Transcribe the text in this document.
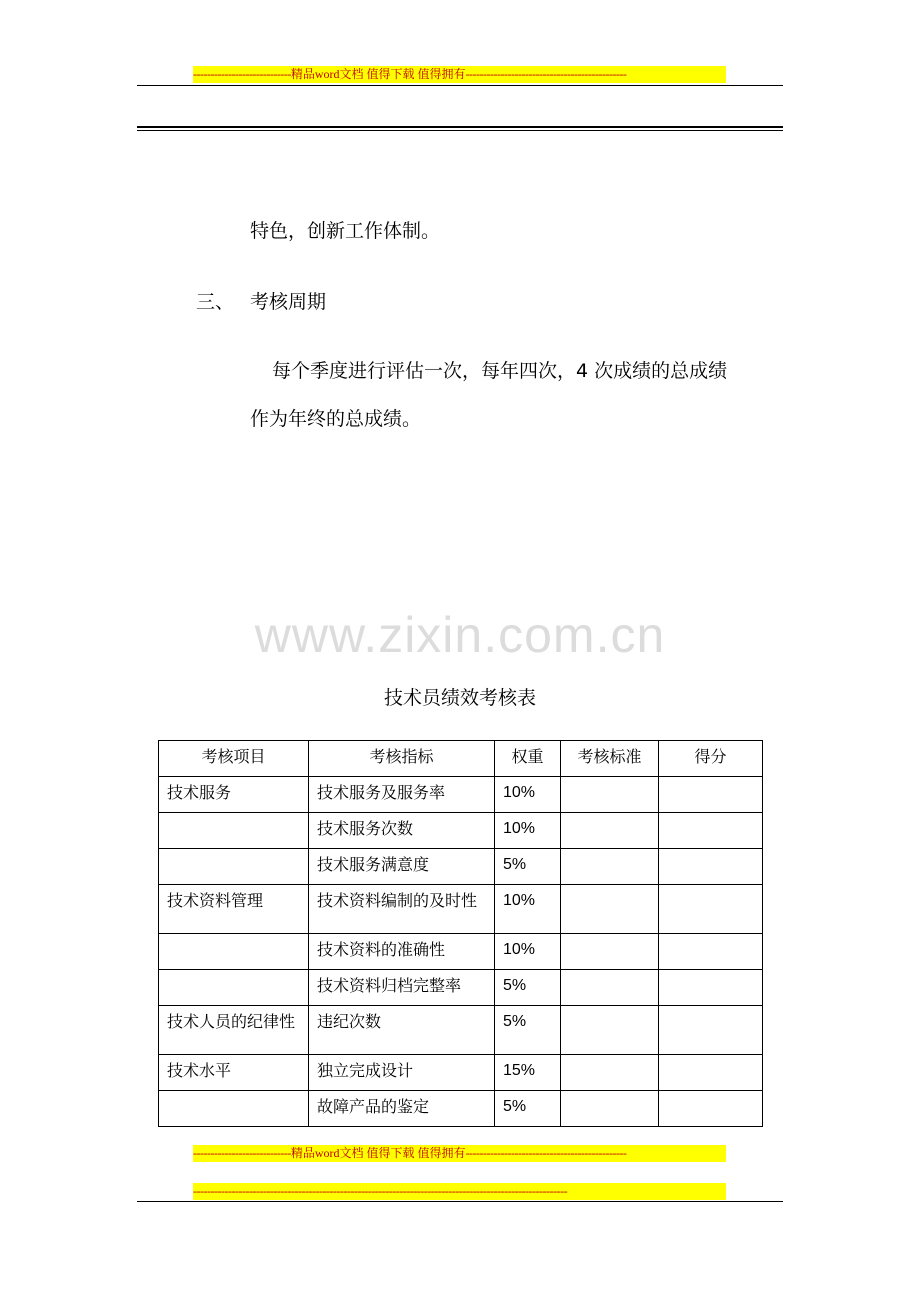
----------------------------精品word文档 值得下载 值得拥有----------------------------------------------
特色，创新工作体制。
三、 考核周期
每个季度进行评估一次，每年四次，4 次成绩的总成绩
作为年终的总成绩。
www.zixin.com.cn
技术员绩效考核表
考核项目	考核指标	权重	考核标准	得分
技术服务	技术服务及服务率	10%		
	技术服务次数	10%		
	技术服务满意度	5%		
技术资料管理	技术资料编制的及时性	10%		
	技术资料的准确性	10%		
	技术资料归档完整率	5%		
技术人员的纪律性	违纪次数	5%		
技术水平	独立完成设计	15%		
	故障产品的鉴定	5%		
----------------------------精品word文档 值得下载 值得拥有----------------------------------------------
-----------------------------------------------------------------------------------------------------------
